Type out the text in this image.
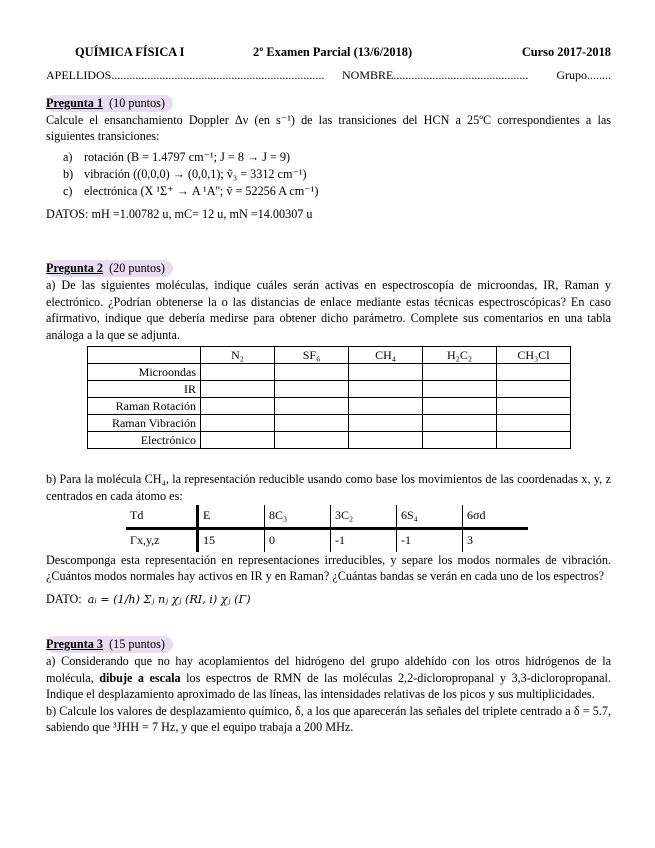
QUÍMICA FÍSICA I	2º Examen Parcial (13/6/2018)	Curso 2017-2018
APELLIDOS....................................................................... NOMBRE............................................. Grupo........
Pregunta 1 (10 puntos)
Calcule el ensanchamiento Doppler Δν (en s⁻¹) de las transiciones del HCN a 25ºC correspondientes a las siguientes transiciones:
a) rotación (B = 1.4797 cm⁻¹; J = 8 → J = 9)
b) vibración ((0,0,0) → (0,0,1); ṽ₃ = 3312 cm⁻¹)
c) electrónica (X ¹Σ⁺ → A ¹A''; ṽ = 52256 A cm⁻¹)
DATOS: mH =1.00782 u, mC= 12 u, mN =14.00307 u
Pregunta 2 (20 puntos)
a) De las siguientes moléculas, indique cuáles serán activas en espectroscopía de microondas, IR, Raman y electrónico. ¿Podrían obtenerse la o las distancias de enlace mediante estas técnicas espectroscópicas? En caso afirmativo, indique que debería medirse para obtener dicho parámetro. Complete sus comentarios en una tabla análoga a la que se adjunta.
	N₂	SF₆	CH₄	H₂C₂	CH₃Cl
Microondas					
IR					
Raman Rotación					
Raman Vibración					
Electrónico					
b) Para la molécula CH₄, la representación reducible usando como base los movimientos de las coordenadas x, y, z centrados en cada átomo es:
Td	E	8C₃	3C₂	6S₄	6σd
Γx,y,z	15	0	-1	-1	3
Descomponga esta representación en representaciones irreducibles, y separe los modos normales de vibración. ¿Cuántos modos normales hay activos en IR y en Raman? ¿Cuántas bandas se verán en cada uno de los espectros?
DATO: aᵢ = (1/h) Σⱼ nⱼ χⱼ (RI, i) χⱼ (Γ)
Pregunta 3 (15 puntos)
a) Considerando que no hay acoplamientos del hidrógeno del grupo aldehído con los otros hidrógenos de la molécula, dibuje a escala los espectros de RMN de las moléculas 2,2-dicloropropanal y 3,3-dicloropropanal. Indique el desplazamiento aproximado de las líneas, las intensidades relativas de los picos y sus multiplicidades.
b) Calcule los valores de desplazamiento químico, δ, a los que aparecerán las señales del triplete centrado a δ = 5.7, sabiendo que ³JHH = 7 Hz, y que el equipo trabaja a 200 MHz.
